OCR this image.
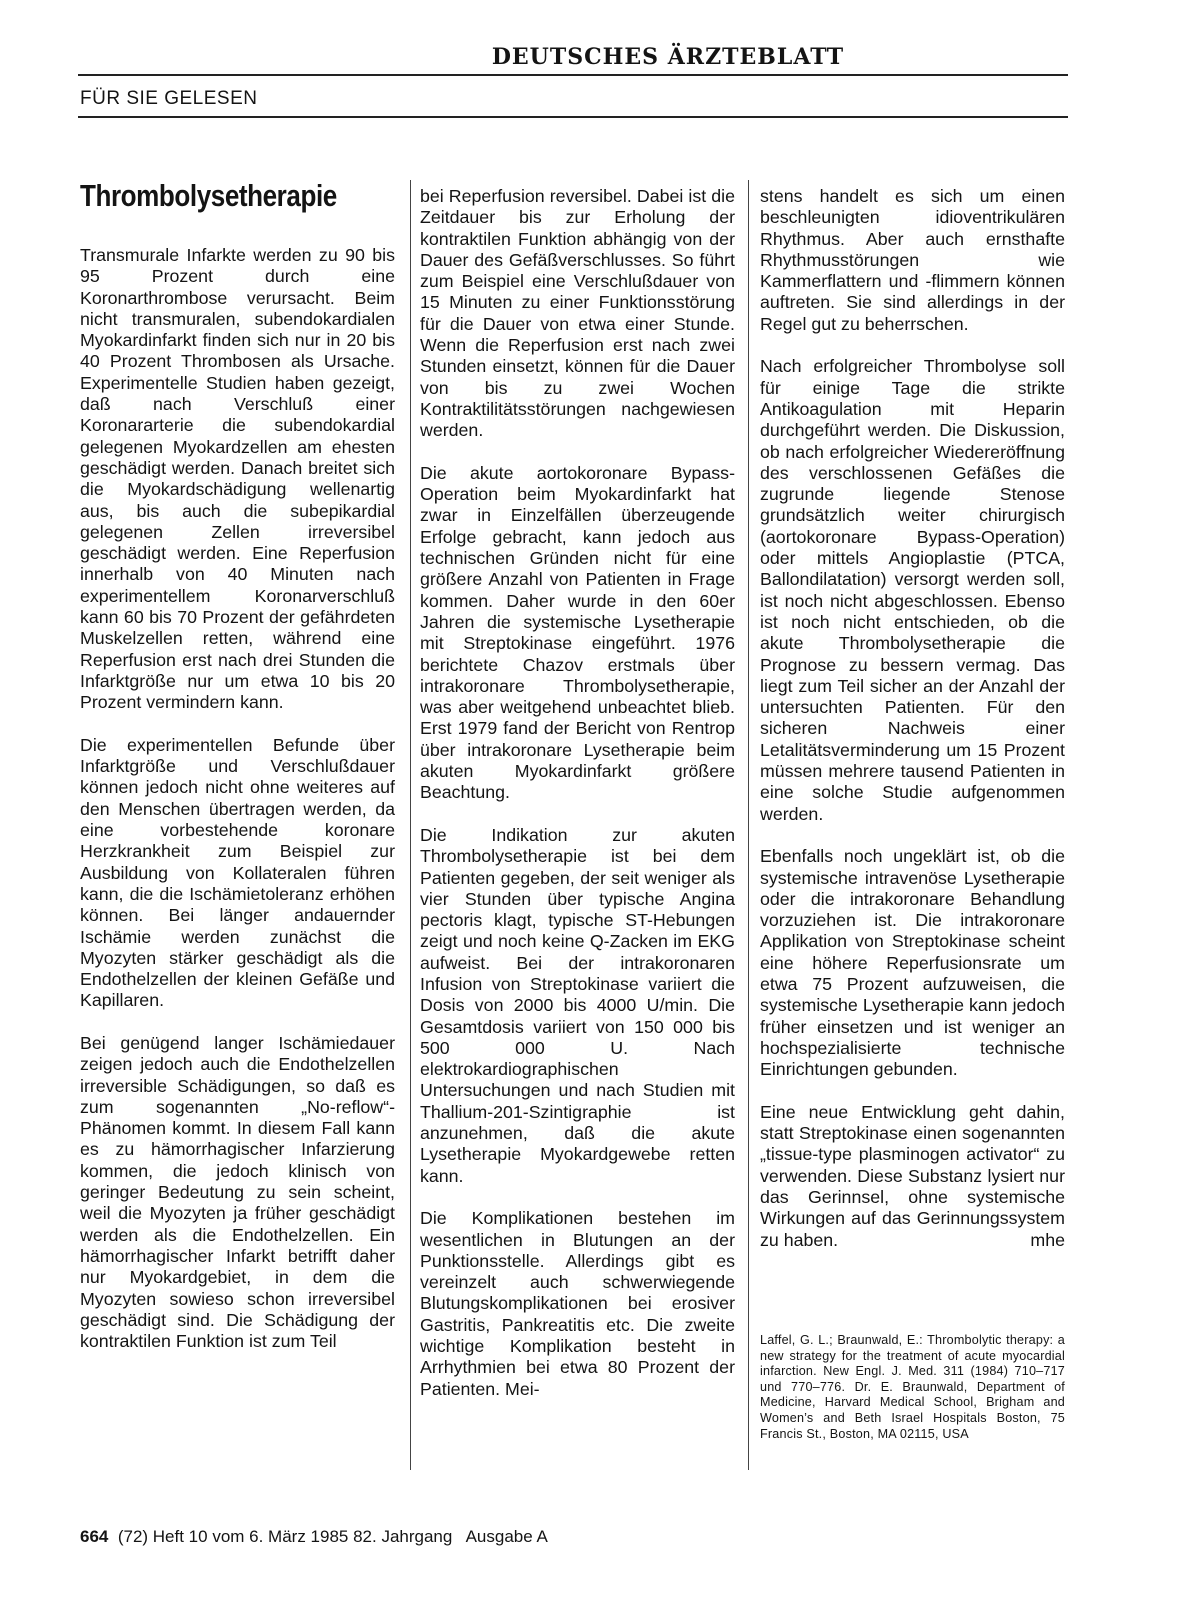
DEUTSCHES ÄRZTEBLATT
FÜR SIE GELESEN
Thrombolysetherapie

Transmurale Infarkte werden zu 90 bis 95 Prozent durch eine Koronarthrombose verursacht. Beim nicht transmuralen, subendokardialen Myokardinfarkt finden sich nur in 20 bis 40 Prozent Thrombosen als Ursache. Experimentelle Studien haben gezeigt, daß nach Verschluß einer Koronararterie die subendokardial gelegenen Myokardzellen am ehesten geschädigt werden. Danach breitet sich die Myokardschädigung wellenartig aus, bis auch die subepikardial gelegenen Zellen irreversibel geschädigt werden. Eine Reperfusion innerhalb von 40 Minuten nach experimentellem Koronarverschluß kann 60 bis 70 Prozent der gefährdeten Muskelzellen retten, während eine Reperfusion erst nach drei Stunden die Infarktgröße nur um etwa 10 bis 20 Prozent vermindern kann.

Die experimentellen Befunde über Infarktgröße und Verschlußdauer können jedoch nicht ohne weiteres auf den Menschen übertragen werden, da eine vorbestehende koronare Herzkrankheit zum Beispiel zur Ausbildung von Kollateralen führen kann, die die Ischämietoleranz erhöhen können. Bei länger andauernder Ischämie werden zunächst die Myozyten stärker geschädigt als die Endothelzellen der kleinen Gefäße und Kapillaren.

Bei genügend langer Ischämiedauer zeigen jedoch auch die Endothelzellen irreversible Schädigungen, so daß es zum sogenannten „No-reflow“-Phänomen kommt. In diesem Fall kann es zu hämorrhagischer Infarzierung kommen, die jedoch klinisch von geringer Bedeutung zu sein scheint, weil die Myozyten ja früher geschädigt werden als die Endothelzellen. Ein hämorrhagischer Infarkt betrifft daher nur Myokardgebiet, in dem die Myozyten sowieso schon irreversibel geschädigt sind. Die Schädigung der kontraktilen Funktion ist zum Teil

bei Reperfusion reversibel. Dabei ist die Zeitdauer bis zur Erholung der kontraktilen Funktion abhängig von der Dauer des Gefäßverschlusses. So führt zum Beispiel eine Verschlußdauer von 15 Minuten zu einer Funktionsstörung für die Dauer von etwa einer Stunde. Wenn die Reperfusion erst nach zwei Stunden einsetzt, können für die Dauer von bis zu zwei Wochen Kontraktilitätsstörungen nachgewiesen werden.

Die akute aortokoronare Bypass-Operation beim Myokardinfarkt hat zwar in Einzelfällen überzeugende Erfolge gebracht, kann jedoch aus technischen Gründen nicht für eine größere Anzahl von Patienten in Frage kommen. Daher wurde in den 60er Jahren die systemische Lysetherapie mit Streptokinase eingeführt. 1976 berichtete Chazov erstmals über intrakoronare Thrombolysetherapie, was aber weitgehend unbeachtet blieb. Erst 1979 fand der Bericht von Rentrop über intrakoronare Lysetherapie beim akuten Myokardinfarkt größere Beachtung.

Die Indikation zur akuten Thrombolysetherapie ist bei dem Patienten gegeben, der seit weniger als vier Stunden über typische Angina pectoris klagt, typische ST-Hebungen zeigt und noch keine Q-Zacken im EKG aufweist. Bei der intrakoronaren Infusion von Streptokinase variiert die Dosis von 2000 bis 4000 U/min. Die Gesamtdosis variiert von 150 000 bis 500 000 U. Nach elektrokardiographischen Untersuchungen und nach Studien mit Thallium-201-Szintigraphie ist anzunehmen, daß die akute Lysetherapie Myokardgewebe retten kann.

Die Komplikationen bestehen im wesentlichen in Blutungen an der Punktionsstelle. Allerdings gibt es vereinzelt auch schwerwiegende Blutungskomplikationen bei erosiver Gastritis, Pankreatitis etc. Die zweite wichtige Komplikation besteht in Arrhythmien bei etwa 80 Prozent der Patienten. Mei-

stens handelt es sich um einen beschleunigten idioventrikulären Rhythmus. Aber auch ernsthafte Rhythmusstörungen wie Kammerflattern und -flimmern können auftreten. Sie sind allerdings in der Regel gut zu beherrschen.

Nach erfolgreicher Thrombolyse soll für einige Tage die strikte Antikoagulation mit Heparin durchgeführt werden. Die Diskussion, ob nach erfolgreicher Wiedereröffnung des verschlossenen Gefäßes die zugrunde liegende Stenose grundsätzlich weiter chirurgisch (aortokoronare Bypass-Operation) oder mittels Angioplastie (PTCA, Ballondilatation) versorgt werden soll, ist noch nicht abgeschlossen. Ebenso ist noch nicht entschieden, ob die akute Thrombolysetherapie die Prognose zu bessern vermag. Das liegt zum Teil sicher an der Anzahl der untersuchten Patienten. Für den sicheren Nachweis einer Letalitätsverminderung um 15 Prozent müssen mehrere tausend Patienten in eine solche Studie aufgenommen werden.

Ebenfalls noch ungeklärt ist, ob die systemische intravenöse Lysetherapie oder die intrakoronare Behandlung vorzuziehen ist. Die intrakoronare Applikation von Streptokinase scheint eine höhere Reperfusionsrate um etwa 75 Prozent aufzuweisen, die systemische Lysetherapie kann jedoch früher einsetzen und ist weniger an hochspezialisierte technische Einrichtungen gebunden.

Eine neue Entwicklung geht dahin, statt Streptokinase einen sogenannten „tissue-type plasminogen activator“ zu verwenden. Diese Substanz lysiert nur das Gerinnsel, ohne systemische Wirkungen auf das Gerinnungssystem zu haben.	mhe

Laffel, G. L.; Braunwald, E.: Thrombolytic therapy: a new strategy for the treatment of acute myocardial infarction. New Engl. J. Med. 311 (1984) 710–717 und 770–776. Dr. E. Braunwald, Department of Medicine, Harvard Medical School, Brigham and Women’s and Beth Israel Hospitals Boston, 75 Francis St., Boston, MA 02115, USA
664 (72) Heft 10 vom 6. März 1985 82. Jahrgang   Ausgabe A
